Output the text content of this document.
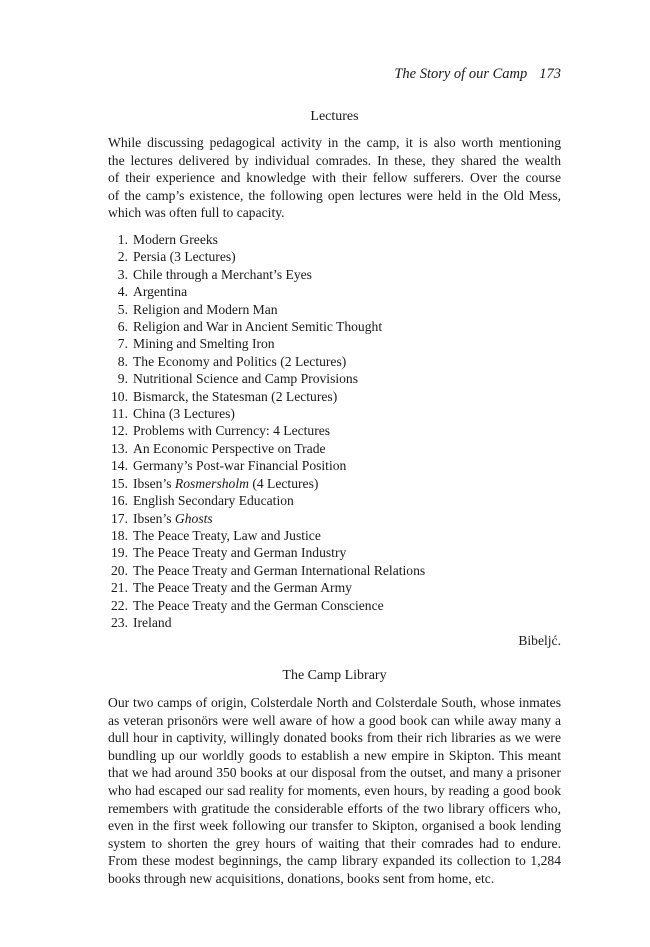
The Story of our Camp 173
Lectures
While discussing pedagogical activity in the camp, it is also worth mentioning
the lectures delivered by individual comrades. In these, they shared the wealth
of their experience and knowledge with their fellow sufferers. Over the course
of the camp’s existence, the following open lectures were held in the Old Mess,
which was often full to capacity.
1. Modern Greeks
2. Persia (3 Lectures)
3. Chile through a Merchant’s Eyes
4. Argentina
5. Religion and Modern Man
6. Religion and War in Ancient Semitic Thought
7. Mining and Smelting Iron
8. The Economy and Politics (2 Lectures)
9. Nutritional Science and Camp Provisions
10. Bismarck, the Statesman (2 Lectures)
11. China (3 Lectures)
12. Problems with Currency: 4 Lectures
13. An Economic Perspective on Trade
14. Germany’s Post-war Financial Position
15. Ibsen’s Rosmersholm (4 Lectures)
16. English Secondary Education
17. Ibsen’s Ghosts
18. The Peace Treaty, Law and Justice
19. The Peace Treaty and German Industry
20. The Peace Treaty and German International Relations
21. The Peace Treaty and the German Army
22. The Peace Treaty and the German Conscience
23. Ireland
Bibeljć.
The Camp Library
Our two camps of origin, Colsterdale North and Colsterdale South, whose inmates
as veteran prisonörs were well aware of how a good book can while away many a
dull hour in captivity, willingly donated books from their rich libraries as we were
bundling up our worldly goods to establish a new empire in Skipton. This meant
that we had around 350 books at our disposal from the outset, and many a prisoner
who had escaped our sad reality for moments, even hours, by reading a good book
remembers with gratitude the considerable efforts of the two library officers who,
even in the first week following our transfer to Skipton, organised a book lending
system to shorten the grey hours of waiting that their comrades had to endure.
From these modest beginnings, the camp library expanded its collection to 1,284
books through new acquisitions, donations, books sent from home, etc.
